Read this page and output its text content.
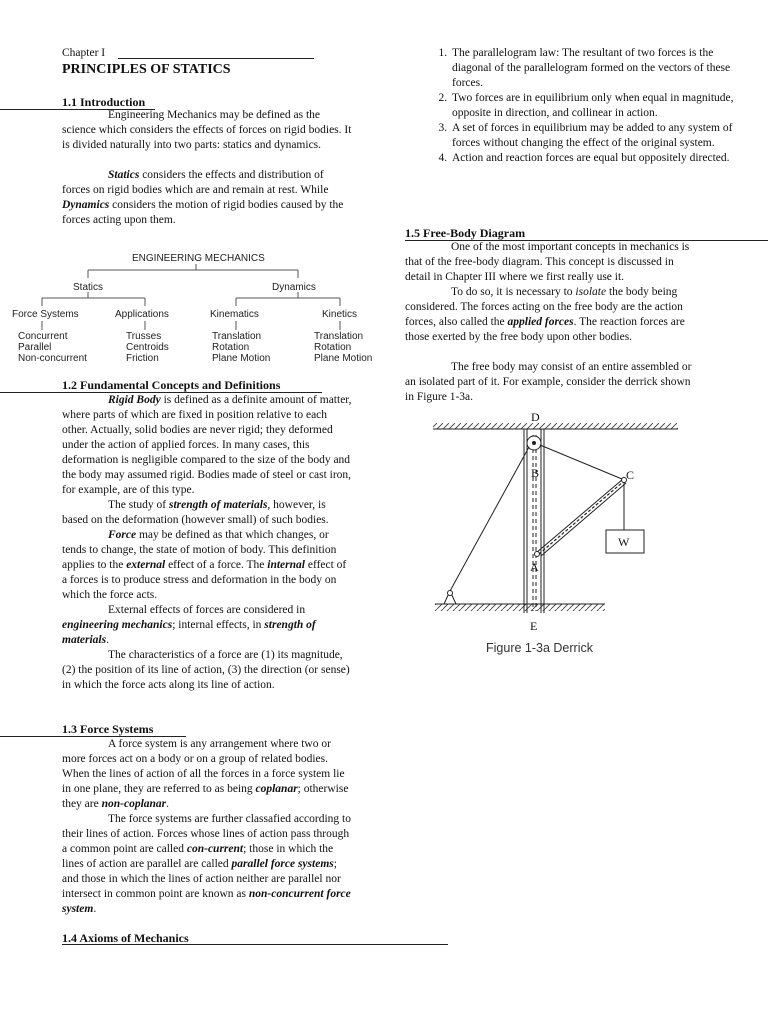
Chapter I
PRINCIPLES OF STATICS
1.1 Introduction

Engineering Mechanics may be defined as the science which considers the effects of forces on rigid bodies. It is divided naturally into two parts: statics and dynamics.

Statics considers the effects and distribution of forces on rigid bodies which are and remain at rest. While Dynamics considers the motion of rigid bodies caused by the forces acting upon them.

ENGINEERING MECHANICS
Statics	Dynamics
Force Systems	Applications	Kinematics	Kinetics
Concurrent
Parallel
Non-concurrent
Trusses
Centroids
Friction
Translation
Rotation
Plane Motion
Translation
Rotation
Plane Motion
1.2 Fundamental Concepts and Definitions

Rigid Body is defined as a definite amount of matter, where parts of which are fixed in position relative to each other. Actually, solid bodies are never rigid; they deformed under the action of applied forces. In many cases, this deformation is negligible compared to the size of the body and the body may assumed rigid. Bodies made of steel or cast iron, for example, are of this type.

The study of strength of materials, however, is based on the deformation (however small) of such bodies.

Force may be defined as that which changes, or tends to change, the state of motion of body. This definition applies to the external effect of a force. The internal effect of a forces is to produce stress and deformation in the body on which the force acts.

External effects of forces are considered in engineering mechanics; internal effects, in strength of materials.

The characteristics of a force are (1) its magnitude, (2) the position of its line of action, (3) the direction (or sense) in which the force acts along its line of action.

1.3 Force Systems

A force system is any arrangement where two or more forces act on a body or on a group of related bodies. When the lines of action of all the forces in a force system lie in one plane, they are referred to as being coplanar; otherwise they are non-coplanar.

The force systems are further classafied according to their lines of action. Forces whose lines of action pass through a common point are called con-current; those in which the lines of action are parallel are called parallel force systems; and those in which the lines of action neither are parallel nor intersect in common point are known as non-concurrent force system.

1.4 Axioms of Mechanics
1. The parallelogram law: The resultant of two forces is the diagonal of the parallelogram formed on the vectors of these forces.
2. Two forces are in equilibrium only when equal in magnitude, opposite in direction, and collinear in action.
3. A set of forces in equilibrium may be added to any system of forces without changing the effect of the original system.
4. Action and reaction forces are equal but oppositely directed.
1.5 Free-Body Diagram

One of the most important concepts in mechanics is that of the free-body diagram. This concept is discussed in detail in Chapter III where we first really use it.

To do so, it is necessary to isolate the body being considered. The forces acting on the free body are the action forces, also called the applied forces. The reaction forces are those exerted by the free body upon other bodies.

The free body may consist of an entire assembled or an isolated part of it. For example, consider the derrick shown in Figure 1-3a.

W
D
B	C
A
E
Figure 1-3a Derrick
